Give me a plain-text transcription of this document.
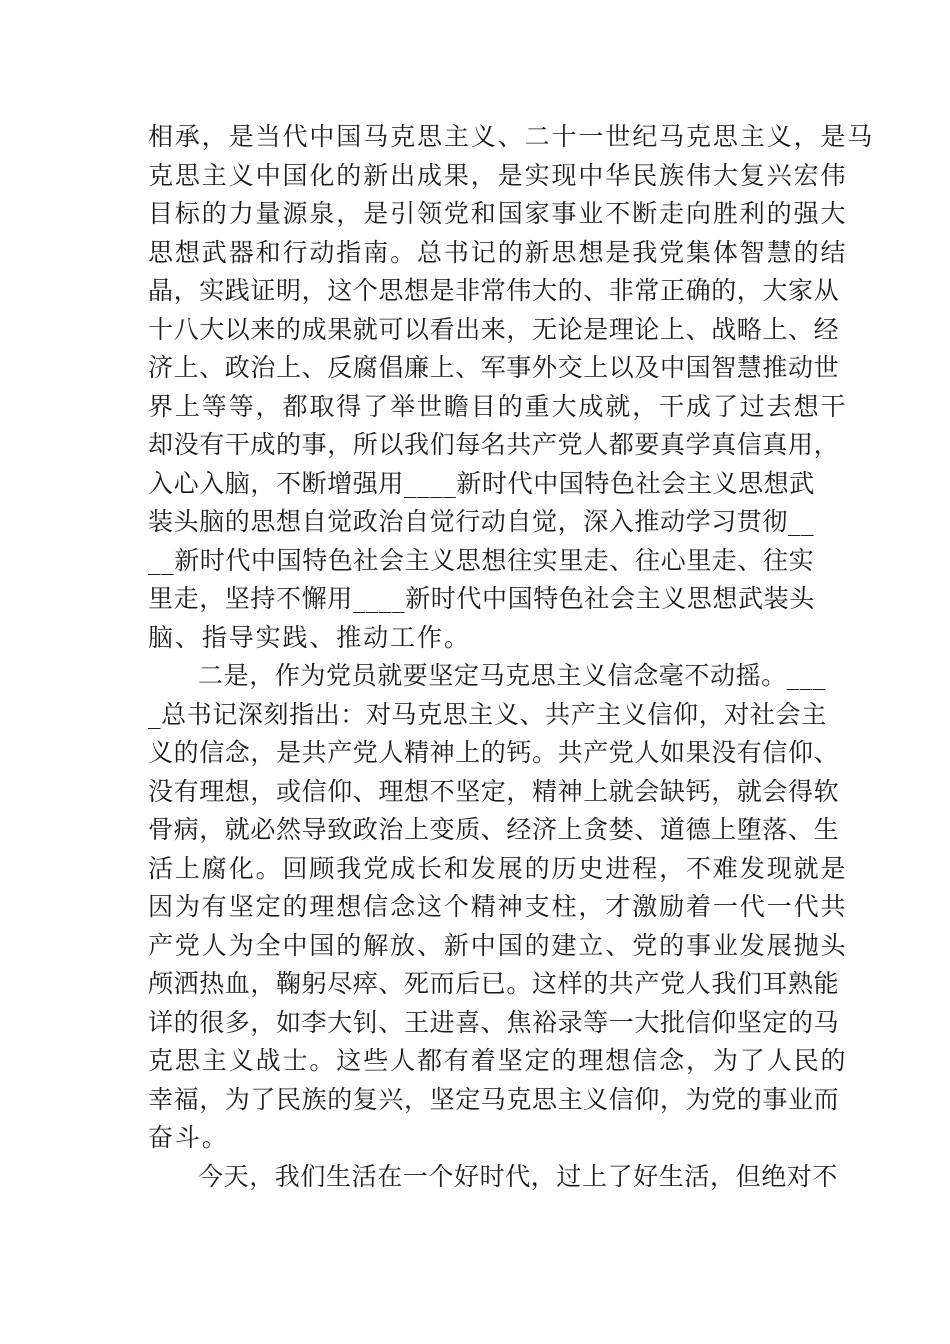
相承，是当代中国马克思主义、二十一世纪马克思主义，是马
克思主义中国化的新出成果，是实现中华民族伟大复兴宏伟
目标的力量源泉，是引领党和国家事业不断走向胜利的强大
思想武器和行动指南。总书记的新思想是我党集体智慧的结
晶，实践证明，这个思想是非常伟大的、非常正确的，大家从
十八大以来的成果就可以看出来，无论是理论上、战略上、经
济上、政治上、反腐倡廉上、军事外交上以及中国智慧推动世
界上等等，都取得了举世瞻目的重大成就，干成了过去想干
却没有干成的事，所以我们每名共产党人都要真学真信真用，
入心入脑，不断增强用____新时代中国特色社会主义思想武
装头脑的思想自觉政治自觉行动自觉，深入推动学习贯彻__
__新时代中国特色社会主义思想往实里走、往心里走、往实
里走，坚持不懈用____新时代中国特色社会主义思想武装头
脑、指导实践、推动工作。
二是，作为党员就要坚定马克思主义信念毫不动摇。___
_总书记深刻指出：对马克思主义、共产主义信仰，对社会主
义的信念，是共产党人精神上的钙。共产党人如果没有信仰、
没有理想，或信仰、理想不坚定，精神上就会缺钙，就会得软
骨病，就必然导致政治上变质、经济上贪婪、道德上堕落、生
活上腐化。回顾我党成长和发展的历史进程，不难发现就是
因为有坚定的理想信念这个精神支柱，才激励着一代一代共
产党人为全中国的解放、新中国的建立、党的事业发展抛头
颅洒热血，鞠躬尽瘁、死而后已。这样的共产党人我们耳熟能
详的很多，如李大钊、王进喜、焦裕录等一大批信仰坚定的马
克思主义战士。这些人都有着坚定的理想信念，为了人民的
幸福，为了民族的复兴，坚定马克思主义信仰，为党的事业而
奋斗。
今天，我们生活在一个好时代，过上了好生活，但绝对不
